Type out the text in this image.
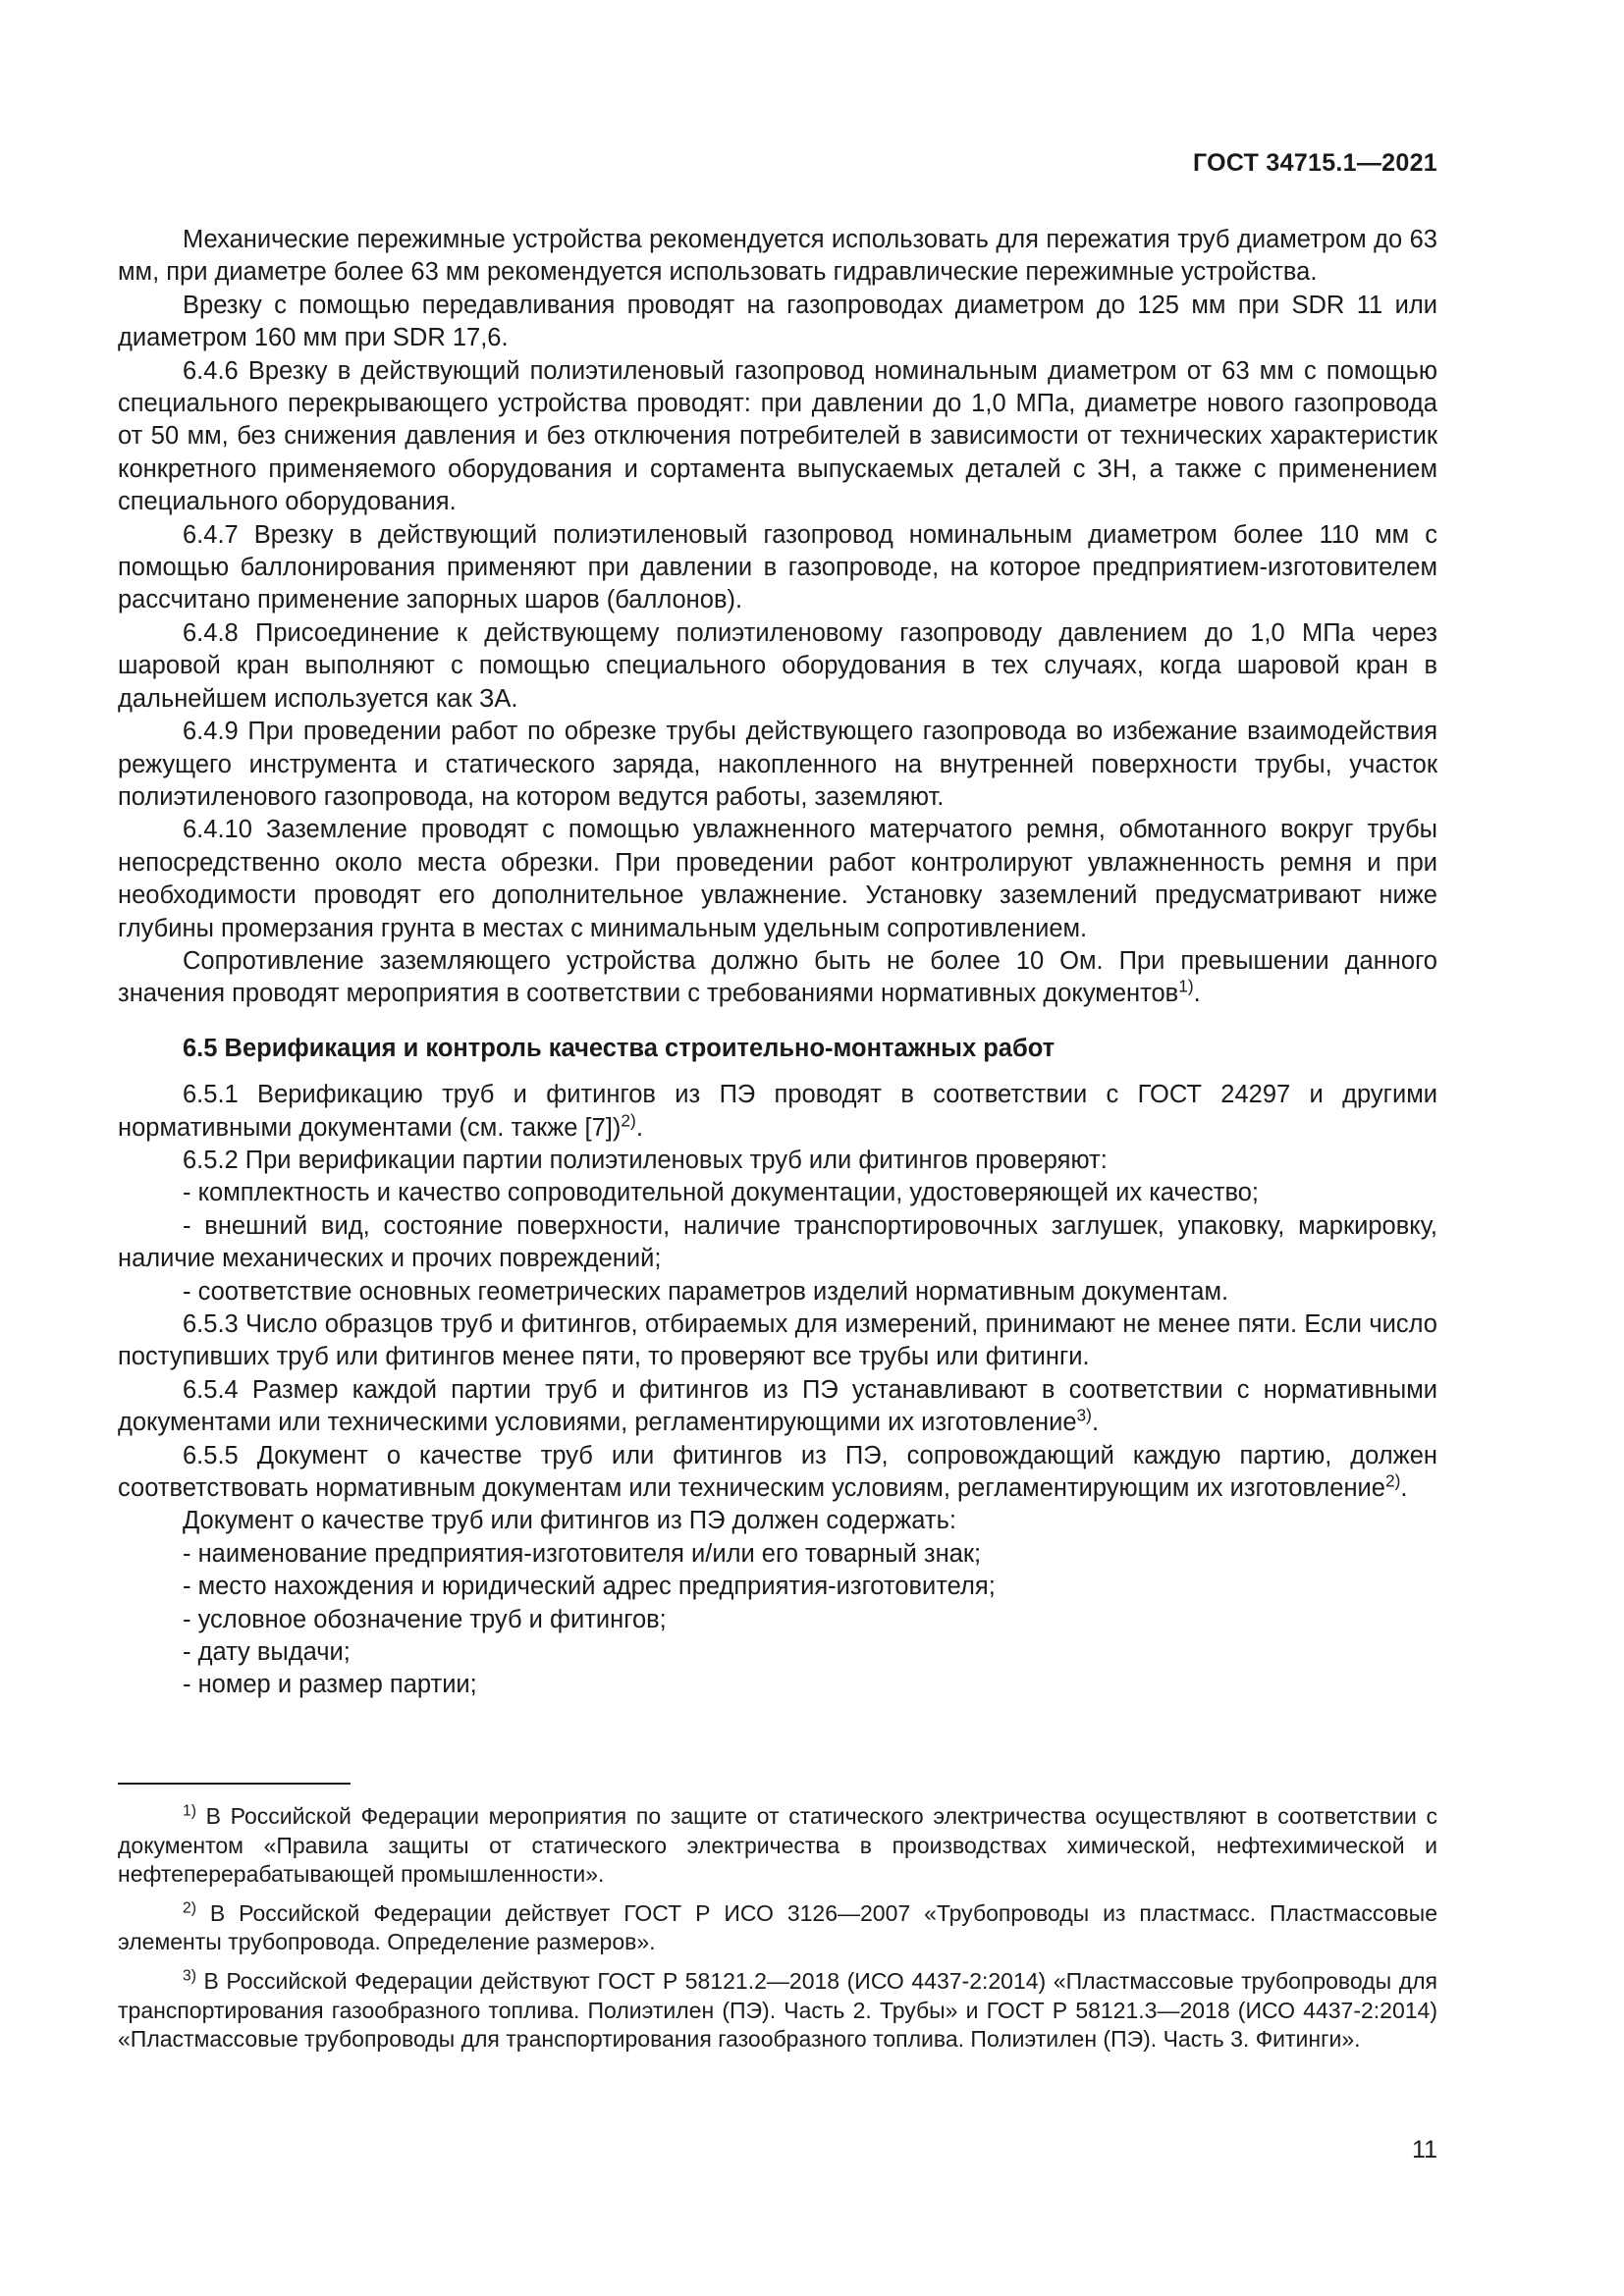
ГОСТ 34715.1—2021

Механические пережимные устройства рекомендуется использовать для пережатия труб диаметром до 63 мм, при диаметре более 63 мм рекомендуется использовать гидравлические пережимные устройства.

Врезку с помощью передавливания проводят на газопроводах диаметром до 125 мм при SDR 11 или диаметром 160 мм при SDR 17,6.

6.4.6 Врезку в действующий полиэтиленовый газопровод номинальным диаметром от 63 мм с помощью специального перекрывающего устройства проводят: при давлении до 1,0 МПа, диаметре нового газопровода от 50 мм, без снижения давления и без отключения потребителей в зависимости от технических характеристик конкретного применяемого оборудования и сортамента выпускаемых деталей с ЗН, а также с применением специального оборудования.

6.4.7 Врезку в действующий полиэтиленовый газопровод номинальным диаметром более 110 мм с помощью баллонирования применяют при давлении в газопроводе, на которое предприятием-изготовителем рассчитано применение запорных шаров (баллонов).

6.4.8 Присоединение к действующему полиэтиленовому газопроводу давлением до 1,0 МПа через шаровой кран выполняют с помощью специального оборудования в тех случаях, когда шаровой кран в дальнейшем используется как ЗА.

6.4.9 При проведении работ по обрезке трубы действующего газопровода во избежание взаимодействия режущего инструмента и статического заряда, накопленного на внутренней поверхности трубы, участок полиэтиленового газопровода, на котором ведутся работы, заземляют.

6.4.10 Заземление проводят с помощью увлажненного матерчатого ремня, обмотанного вокруг трубы непосредственно около места обрезки. При проведении работ контролируют увлажненность ремня и при необходимости проводят его дополнительное увлажнение. Установку заземлений предусматривают ниже глубины промерзания грунта в местах с минимальным удельным сопротивлением.

Сопротивление заземляющего устройства должно быть не более 10 Ом. При превышении данного значения проводят мероприятия в соответствии с требованиями нормативных документов$^{1)}$.

6.5 Верификация и контроль качества строительно-монтажных работ

6.5.1 Верификацию труб и фитингов из ПЭ проводят в соответствии с ГОСТ 24297 и другими нормативными документами (см. также [7])$^{2)}$.

6.5.2 При верификации партии полиэтиленовых труб или фитингов проверяют:

- комплектность и качество сопроводительной документации, удостоверяющей их качество;

- внешний вид, состояние поверхности, наличие транспортировочных заглушек, упаковку, маркировку, наличие механических и прочих повреждений;

- соответствие основных геометрических параметров изделий нормативным документам.

6.5.3 Число образцов труб и фитингов, отбираемых для измерений, принимают не менее пяти. Если число поступивших труб или фитингов менее пяти, то проверяют все трубы или фитинги.

6.5.4 Размер каждой партии труб и фитингов из ПЭ устанавливают в соответствии с нормативными документами или техническими условиями, регламентирующими их изготовление$^{3)}$.

6.5.5 Документ о качестве труб или фитингов из ПЭ, сопровождающий каждую партию, должен соответствовать нормативным документам или техническим условиям, регламентирующим их изготовление$^{2)}$.

Документ о качестве труб или фитингов из ПЭ должен содержать:

- наименование предприятия-изготовителя и/или его товарный знак;

- место нахождения и юридический адрес предприятия-изготовителя;

- условное обозначение труб и фитингов;

- дату выдачи;

- номер и размер партии;

$^{1)}$ В Российской Федерации мероприятия по защите от статического электричества осуществляют в соответствии с документом «Правила защиты от статического электричества в производствах химической, нефтехимической и нефтеперерабатывающей промышленности».

$^{2)}$ В Российской Федерации действует ГОСТ Р ИСО 3126—2007 «Трубопроводы из пластмасс. Пластмассовые элементы трубопровода. Определение размеров».

$^{3)}$ В Российской Федерации действуют ГОСТ Р 58121.2—2018 (ИСО 4437-2:2014) «Пластмассовые трубопроводы для транспортирования газообразного топлива. Полиэтилен (ПЭ). Часть 2. Трубы» и ГОСТ Р 58121.3—2018 (ИСО 4437-2:2014) «Пластмассовые трубопроводы для транспортирования газообразного топлива. Полиэтилен (ПЭ). Часть 3. Фитинги».

11
